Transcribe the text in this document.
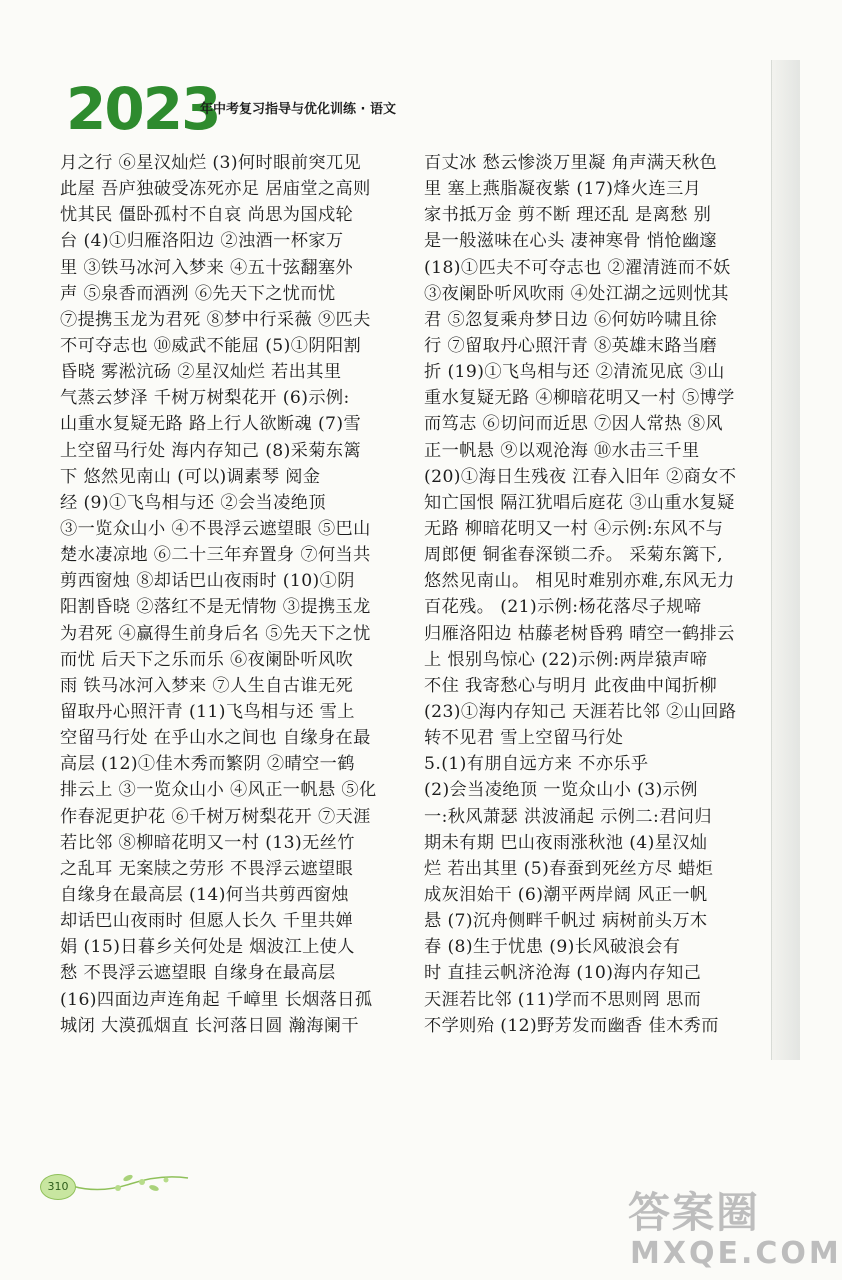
2023
年中考复习指导与优化训练 · 语文
月之行 ⑥星汉灿烂 (3)何时眼前突兀见
此屋 吾庐独破受冻死亦足 居庙堂之高则
忧其民 僵卧孤村不自哀 尚思为国戍轮
台 (4)①归雁洛阳边 ②浊酒一杯家万
里 ③铁马冰河入梦来 ④五十弦翻塞外
声 ⑤泉香而酒洌 ⑥先天下之忧而忧
⑦提携玉龙为君死 ⑧梦中行采薇 ⑨匹夫
不可夺志也 ⑩威武不能屈 (5)①阴阳割
昏晓 雾淞沆砀 ②星汉灿烂 若出其里
气蒸云梦泽 千树万树梨花开 (6)示例:
山重水复疑无路 路上行人欲断魂 (7)雪
上空留马行处 海内存知己 (8)采菊东篱
下 悠然见南山 (可以)调素琴 阅金
经 (9)①飞鸟相与还 ②会当凌绝顶
③一览众山小 ④不畏浮云遮望眼 ⑤巴山
楚水凄凉地 ⑥二十三年弃置身 ⑦何当共
剪西窗烛 ⑧却话巴山夜雨时 (10)①阴
阳割昏晓 ②落红不是无情物 ③提携玉龙
为君死 ④赢得生前身后名 ⑤先天下之忧
而忧 后天下之乐而乐 ⑥夜阑卧听风吹
雨 铁马冰河入梦来 ⑦人生自古谁无死
留取丹心照汗青 (11)飞鸟相与还 雪上
空留马行处 在乎山水之间也 自缘身在最
高层 (12)①佳木秀而繁阴 ②晴空一鹤
排云上 ③一览众山小 ④风正一帆悬 ⑤化
作春泥更护花 ⑥千树万树梨花开 ⑦天涯
若比邻 ⑧柳暗花明又一村 (13)无丝竹
之乱耳 无案牍之劳形 不畏浮云遮望眼
自缘身在最高层 (14)何当共剪西窗烛
却话巴山夜雨时 但愿人长久 千里共婵
娟 (15)日暮乡关何处是 烟波江上使人
愁 不畏浮云遮望眼 自缘身在最高层
(16)四面边声连角起 千嶂里 长烟落日孤
城闭 大漠孤烟直 长河落日圆 瀚海阑干
百丈冰 愁云惨淡万里凝 角声满天秋色
里 塞上燕脂凝夜紫 (17)烽火连三月
家书抵万金 剪不断 理还乱 是离愁 别
是一般滋味在心头 凄神寒骨 悄怆幽邃
(18)①匹夫不可夺志也 ②濯清涟而不妖
③夜阑卧听风吹雨 ④处江湖之远则忧其
君 ⑤忽复乘舟梦日边 ⑥何妨吟啸且徐
行 ⑦留取丹心照汗青 ⑧英雄末路当磨
折 (19)①飞鸟相与还 ②清流见底 ③山
重水复疑无路 ④柳暗花明又一村 ⑤博学
而笃志 ⑥切问而近思 ⑦因人常热 ⑧风
正一帆悬 ⑨以观沧海 ⑩水击三千里
(20)①海日生残夜 江春入旧年 ②商女不
知亡国恨 隔江犹唱后庭花 ③山重水复疑
无路 柳暗花明又一村 ④示例:东风不与
周郎便 铜雀春深锁二乔。 采菊东篱下,
悠然见南山。 相见时难别亦难,东风无力
百花残。 (21)示例:杨花落尽子规啼
归雁洛阳边 枯藤老树昏鸦 晴空一鹤排云
上 恨别鸟惊心 (22)示例:两岸猿声啼
不住 我寄愁心与明月 此夜曲中闻折柳
(23)①海内存知己 天涯若比邻 ②山回路
转不见君 雪上空留马行处
5.(1)有朋自远方来 不亦乐乎
(2)会当凌绝顶 一览众山小 (3)示例
一:秋风萧瑟 洪波涌起 示例二:君问归
期未有期 巴山夜雨涨秋池 (4)星汉灿
烂 若出其里 (5)春蚕到死丝方尽 蜡炬
成灰泪始干 (6)潮平两岸阔 风正一帆
悬 (7)沉舟侧畔千帆过 病树前头万木
春 (8)生于忧患 (9)长风破浪会有
时 直挂云帆济沧海 (10)海内存知己
天涯若比邻 (11)学而不思则罔 思而
不学则殆 (12)野芳发而幽香 佳木秀而
310
答案圈
MXQE.COM
